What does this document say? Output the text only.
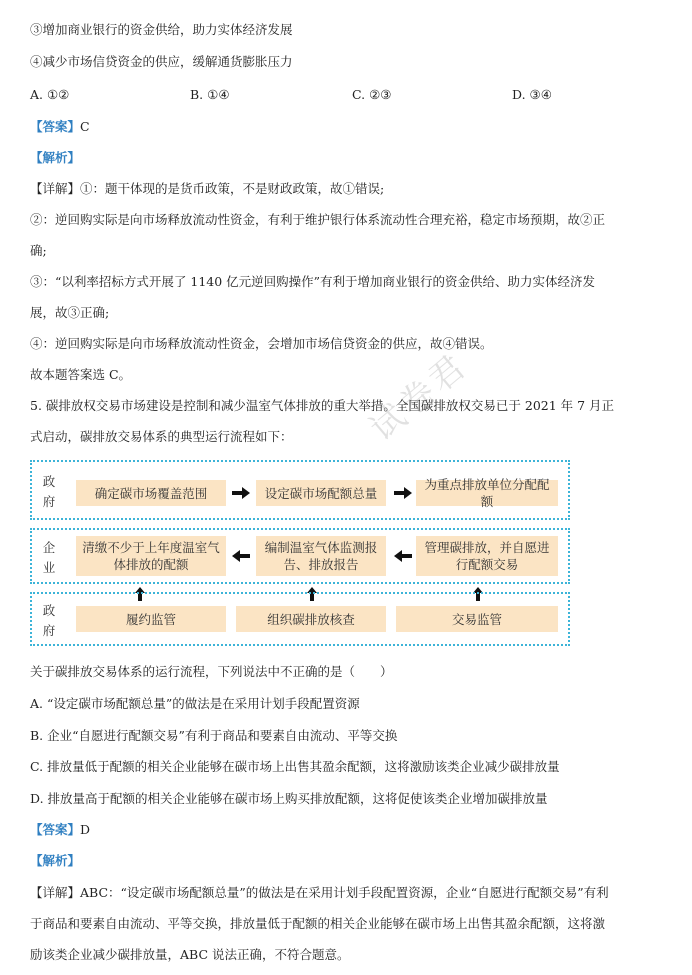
③增加商业银行的资金供给，助力实体经济发展
④减少市场信贷资金的供应，缓解通货膨胀压力
A. ①②	B. ①④	C. ②③	D. ③④
【答案】C
【解析】
【详解】①：题干体现的是货币政策，不是财政政策，故①错误;
②：逆回购实际是向市场释放流动性资金，有利于维护银行体系流动性合理充裕，稳定市场预期，故②正
确;
③：“以利率招标方式开展了 1140 亿元逆回购操作”有利于增加商业银行的资金供给、助力实体经济发
展，故③正确;
④：逆回购实际是向市场释放流动性资金，会增加市场信贷资金的供应，故④错误。
故本题答案选 C。
5. 碳排放权交易市场建设是控制和减少温室气体排放的重大举措。全国碳排放权交易已于 2021 年 7 月正
式启动，碳排放交易体系的典型运行流程如下：
政府
确定碳市场覆盖范围	设定碳市场配额总量
为重点排放单位分配配额
企业
清缴不少于上年度温室气体排放的配额
编制温室气体监测报告、排放报告
管理碳排放，并自愿进行配额交易
政府
履约监管	组织碳排放核查	交易监管
试卷君
关于碳排放交易体系的运行流程，下列说法中不正确的是（　　）
A. “设定碳市场配额总量”的做法是在采用计划手段配置资源
B. 企业“自愿进行配额交易”有利于商品和要素自由流动、平等交换
C. 排放量低于配额的相关企业能够在碳市场上出售其盈余配额，这将激励该类企业减少碳排放量
D. 排放量高于配额的相关企业能够在碳市场上购买排放配额，这将促使该类企业增加碳排放量
【答案】D
【解析】
【详解】ABC：“设定碳市场配额总量”的做法是在采用计划手段配置资源，企业“自愿进行配额交易”有利
于商品和要素自由流动、平等交换，排放量低于配额的相关企业能够在碳市场上出售其盈余配额，这将激
励该类企业减少碳排放量，ABC 说法正确，不符合题意。
